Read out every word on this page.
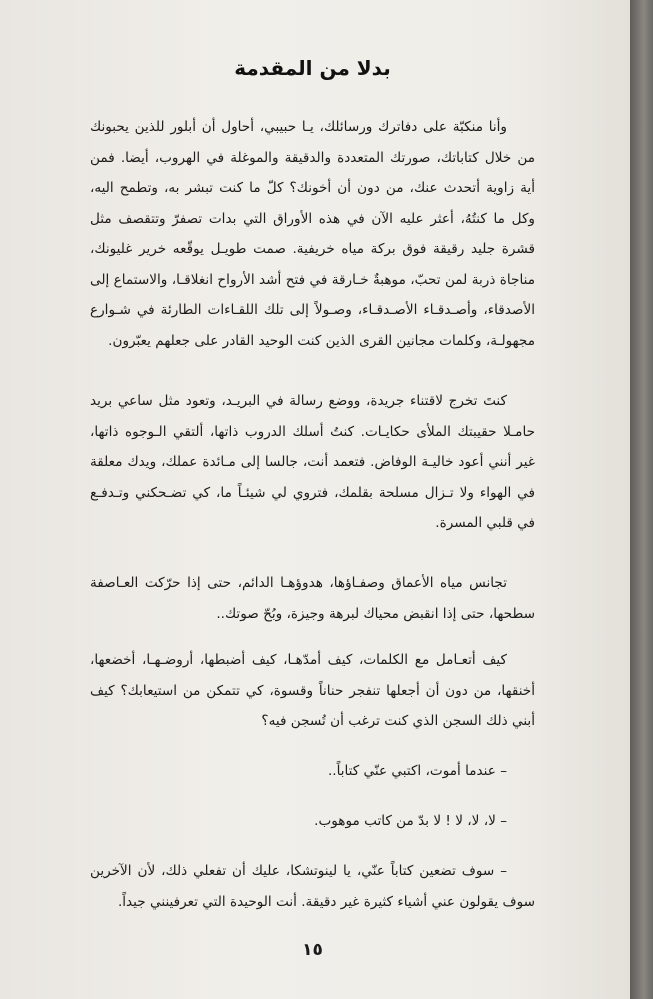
بدلا من المقدمة
وأنا منكبّة على دفاترك ورسائلك، يـا حبيبي، أحاول أن أبلور للذين يحبونك من خلال كتاباتك، صورتك المتعددة والدقيقة والموغلة في الهروب، أيضا. فمن أية زاوية أتحدث عنك، من دون أن أخونك؟ كلّ ما كنت تبشر به، وتطمح اليه، وكل ما كنتُهُ، أعثر عليه الآن في هذه الأوراق التي بدات تصفرّ وتتقصف مثل قشرة جليد رقيقة فوق بركة مياه خريفية. صمت طويـل يوقّعه خرير غليونك، مناجاة ذربة لمن تحبّ، موهبةٌ خـارقة في فتح أشد الأرواح انغلاقـا، والاستماع إلى الأصدقاء، وأصـدقـاء الأصـدقـاء، وصـولاً إلى تلك اللقـاءات الطارئة في شـوارع مجهولـة، وكلمات مجانين القرى الذين كنت الوحيد القادر على جعلهم يعبّرون.
كنتَ تخرج لاقتناء جريدة، ووضع رسالة في البريـد، وتعود مثل ساعي بريد حامـلا حقيبتك الملأى حكايـات. كنتُ أسلك الدروب ذاتها، ألتقي الـوجوه ذاتها، غير أنني أعود خاليـة الوفاض. فتعمد أنت، جالسا إلى مـائدة عملك، ويدك معلقة في الهواء ولا تـزال مسلحة بقلمك، فتروي لي شيئـاً ما، كي تضـحكني وتـدفـع في قلبي المسرة.
تجانس مياه الأعماق وصفـاؤها، هدوؤهـا الدائم، حتى إذا حرّكت العـاصفة سطحها، حتى إذا انقبض محياك لبرهة وجيزة، وبُحّ صوتك..
كيف أتعـامل مع الكلمات، كيف أمدّهـا، كيف أضبطها، أروضـهـا، أخضعها، أخنقها، من دون أن أجعلها تنفجر حناناً وقسوة، كي تتمكن من استيعابك؟ كيف أبني ذلك السجن الذي كنت ترغب أن تُسجن فيه؟
– عندما أموت، اكتبي عنّي كتاباً..
– لا، لا، لا ! لا بدّ من كاتب موهوب.
– سوف تضعين كتاباً عنّي، يا لينوتشكا، عليك أن تفعلي ذلك، لأن الآخرين سوف يقولون عني أشياء كثيرة غير دقيقة. أنت الوحيدة التي تعرفينني جيداً.
١٥
